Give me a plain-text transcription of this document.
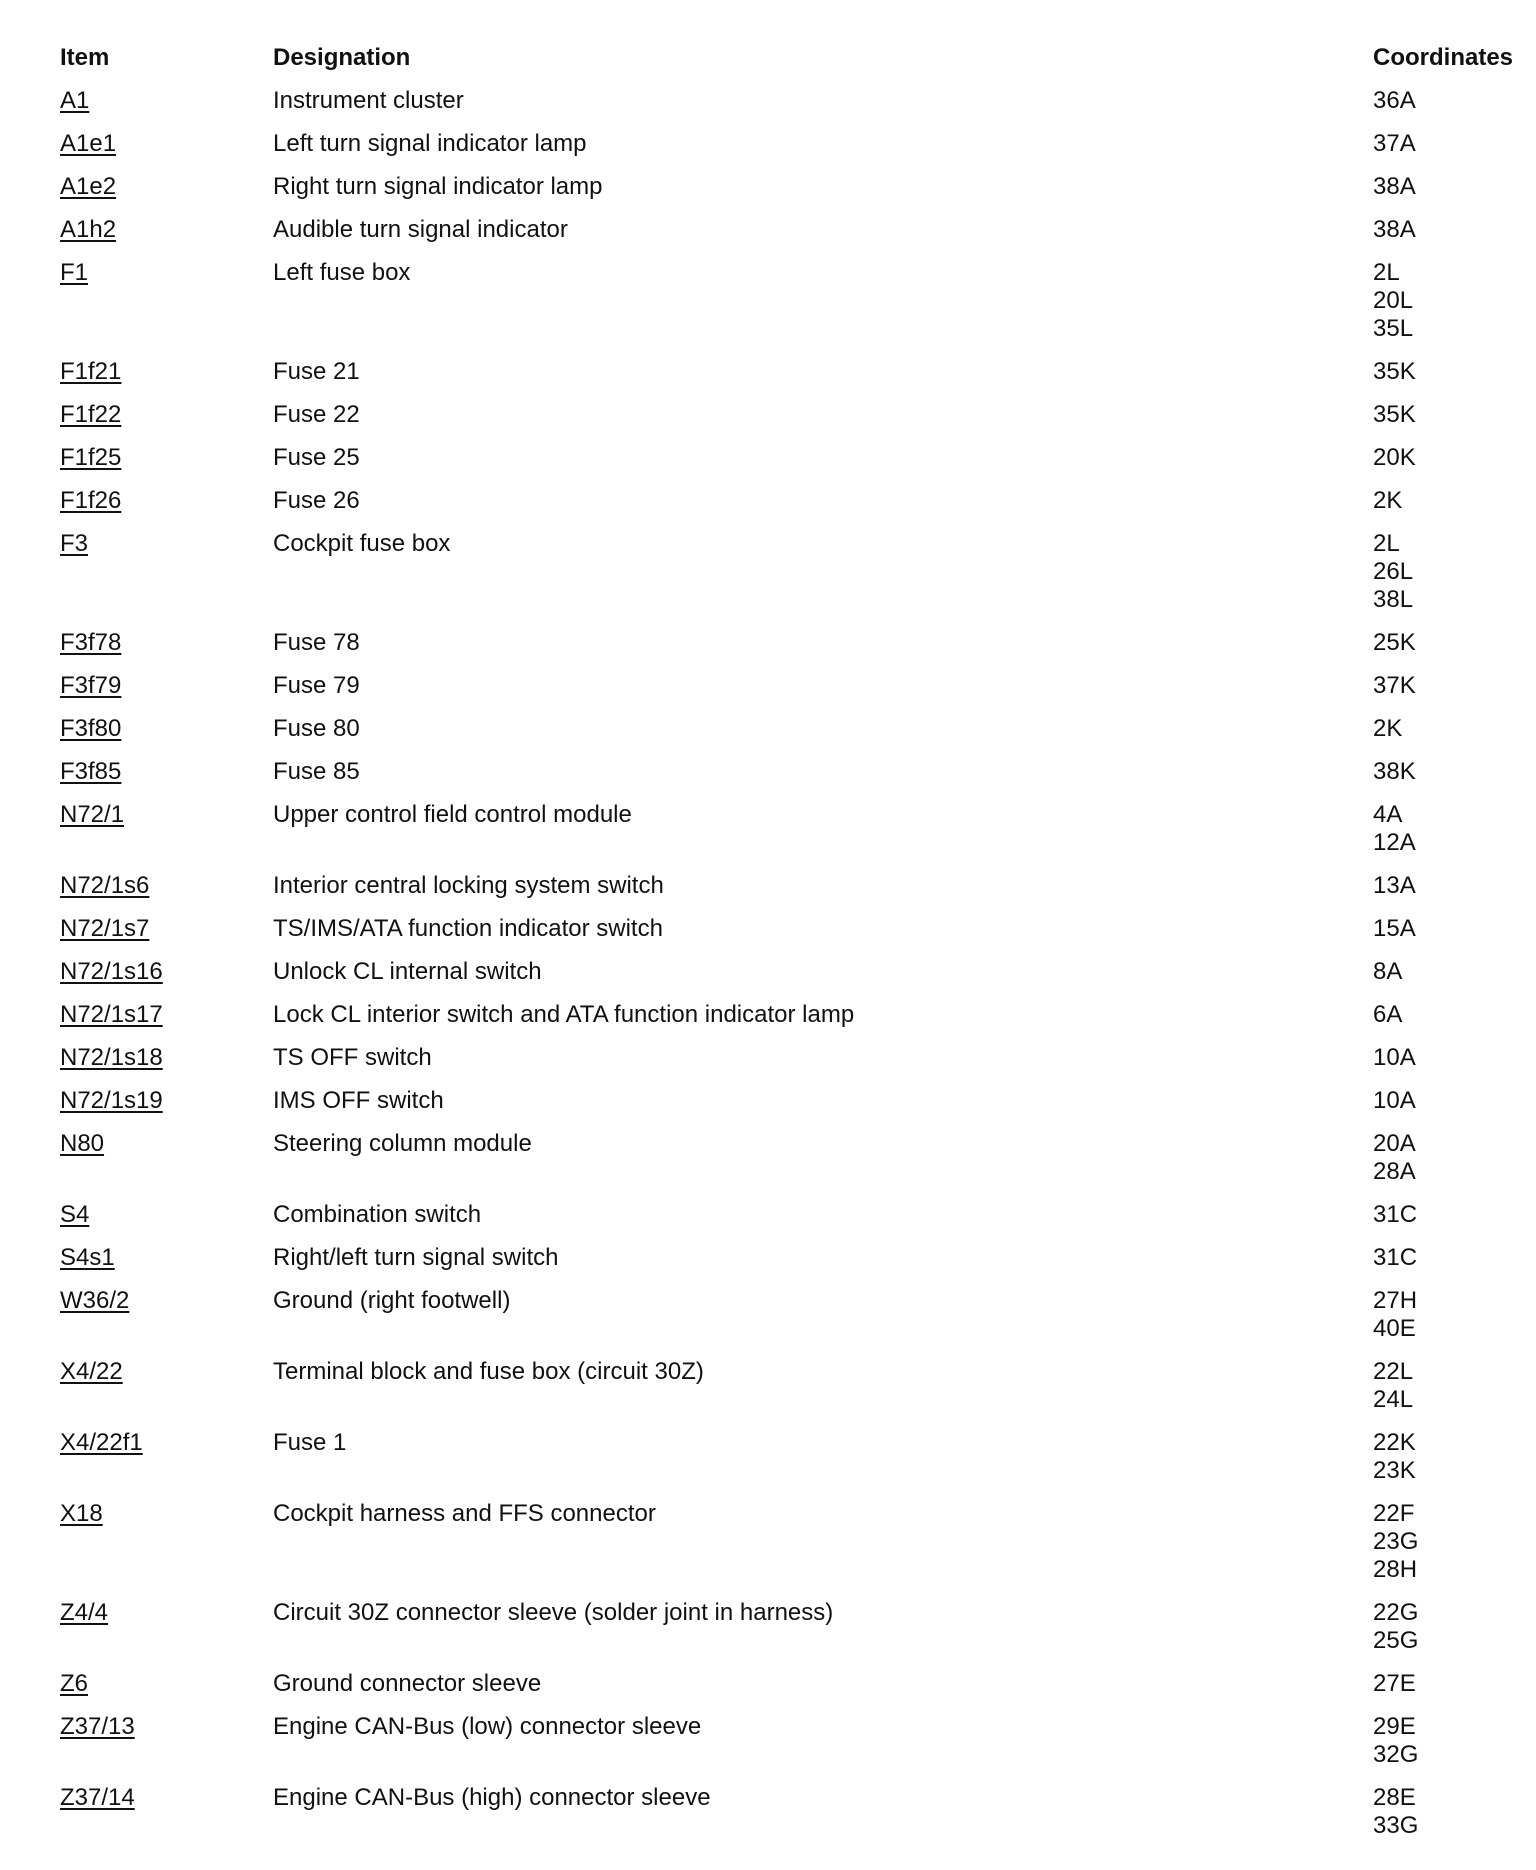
Item	Designation	Coordinates
A1	Instrument cluster	36A

A1e1	Left turn signal indicator lamp	37A

A1e2	Right turn signal indicator lamp	38A

A1h2	Audible turn signal indicator	38A

F1	Left fuse box	2L
20L
35L

F1f21	Fuse 21	35K

F1f22	Fuse 22	35K

F1f25	Fuse 25	20K

F1f26	Fuse 26	2K

F3	Cockpit fuse box	2L
26L
38L

F3f78	Fuse 78	25K

F3f79	Fuse 79	37K

F3f80	Fuse 80	2K

F3f85	Fuse 85	38K

N72/1	Upper control field control module	4A
12A

N72/1s6	Interior central locking system switch	13A

N72/1s7	TS/IMS/ATA function indicator switch	15A

N72/1s16	Unlock CL internal switch	8A

N72/1s17	Lock CL interior switch and ATA function indicator lamp	6A

N72/1s18	TS OFF switch	10A

N72/1s19	IMS OFF switch	10A

N80	Steering column module	20A
28A

S4	Combination switch	31C

S4s1	Right/left turn signal switch	31C

W36/2	Ground (right footwell)	27H
40E

X4/22	Terminal block and fuse box (circuit 30Z)	22L
24L

X4/22f1	Fuse 1	22K
23K

X18	Cockpit harness and FFS connector	22F
23G
28H

Z4/4	Circuit 30Z connector sleeve (solder joint in harness)	22G
25G

Z6	Ground connector sleeve	27E

Z37/13	Engine CAN-Bus (low) connector sleeve	29E
32G

Z37/14	Engine CAN-Bus (high) connector sleeve	28E
33G
